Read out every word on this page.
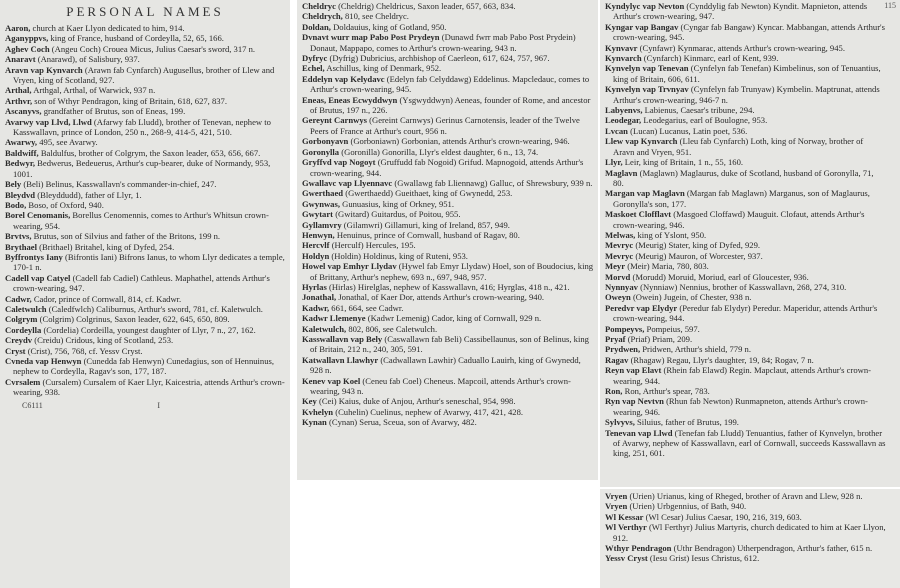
PERSONAL NAMES

Aaron, church at Kaer Llyon dedicated to him, 914.

Aganyppvs, king of France, husband of Cordeylla, 52, 65, 166.

Aghev Coch (Angeu Coch) Crouea Micus, Julius Caesar's sword, 317 n.

Anaravt (Anarawd), of Salisbury, 937.

Aravn vap Kynvarch (Arawn fab Cynfarch) Augusellus, brother of Llew and Vryen, king of Scotland, 927.

Arthal, Arthgal, Arthal, of Warwick, 937 n.

Arthvr, son of Wthyr Pendragon, king of Britain, 618, 627, 837.

Ascanyvs, grandfather of Brutus, son of Eneas, 199.

Avarwy vap Llvd, Llwd (Afarwy fab Lludd), brother of Tenevan, nephew to Kasswallavn, prince of London, 250 n., 268-9, 414-5, 421, 510.

Awarwy, 495, see Avarwy.

Baldwiff, Baldulfus, brother of Colgrym, the Saxon leader, 653, 656, 667.

Bedwyr, Bedwerus, Bedeuerus, Arthur's cup-bearer, duke of Normandy, 953, 1001.

Bely (Beli) Belinus, Kasswallavn's commander-in-chief, 247.

Bleydvd (Bleyddudd), father of Llyr, 1.

Bodo, Boso, of Oxford, 940.

Borel Cenomanis, Borellus Cenomennis, comes to Arthur's Whitsun crown-wearing, 954.

Brvtvs, Brutus, son of Silvius and father of the Britons, 199 n.

Brythael (Brithael) Britahel, king of Dyfed, 254.

Byffrontys Iany (Bifrontis Iani) Bifrons Ianus, to whom Llyr dedicates a temple, 170-1 n.

Cadell vap Catyel (Cadell fab Cadiel) Cathleus. Maphathel, attends Arthur's crown-wearing, 947.

Cadwr, Cador, prince of Cornwall, 814, cf. Kadwr.

Caletwulch (Caledfwlch) Caliburnus, Arthur's sword, 781, cf. Kaletwulch.

Colgrym (Colgrim) Colgrinus, Saxon leader, 622, 645, 650, 809.

Cordeylla (Cordelia) Cordeilla, youngest daughter of Llyr, 7 n., 27, 162.

Creydv (Creidu) Cridous, king of Scotland, 253.

Cryst (Crist), 756, 768, cf. Yessv Cryst.

Cvneda vap Henwyn (Cunedda fab Henwyn) Cunedagius, son of Hennuinus, nephew to Cordeylla, Ragav's son, 177, 187.

Cvrsalem (Cursalem) Cursalem of Kaer Llyr, Kaicestria, attends Arthur's crown-wearing, 938.

C6111	I

Cheldryc (Cheldrig) Cheldricus, Saxon leader, 657, 663, 834.

Cheldrych, 810, see Cheldryc.

Doldan, Doldauius, king of Gotland, 950.

Dvnavt wurr map Pabo Post Prydeyn (Dunawd fwrr mab Pabo Post Prydein) Donaut, Mappapo, comes to Arthur's crown-wearing, 943 n.

Dyfryc (Dyfrig) Dubricius, archbishop of Caerleon, 617, 624, 757, 967.

Echel, Aschillus, king of Denmark, 952.

Eddelyn vap Kelydavc (Edelyn fab Celyddawg) Eddelinus. Mapcledauc, comes to Arthur's crown-wearing, 945.

Eneas, Eneas Ecwyddwyn (Ysgwyddwyn) Aeneas, founder of Rome, and ancestor of Brutus, 197 n., 226.

Gereynt Carnwys (Gereint Carnwys) Gerinus Carnotensis, leader of the Twelve Peers of France at Arthur's court, 956 n.

Gorbonyavn (Gorboniawn) Gorbonian, attends Arthur's crown-wearing, 946.

Goronylla (Goronilla) Gonorilla, Llyr's eldest daughter, 6 n., 13, 74.

Gryffvd vap Nogoyt (Gruffudd fab Nogoid) Grifud. Mapnogoid, attends Arthur's crown-wearing, 944.

Gwallavc vap Llyennavc (Gwallawg fab Lliennawg) Galluc, of Shrewsbury, 939 n.

Gwerthaed (Gwerthaedd) Gueithaet, king of Gwynedd, 253.

Gwynwas, Gunuasius, king of Orkney, 951.

Gwytart (Gwitard) Guitardus, of Poitou, 955.

Gyllamvry (Gilamwri) Gillamuri, king of Ireland, 857, 949.

Henwyn, Henuinus, prince of Cornwall, husband of Ragav, 80.

Hercvlf (Herculf) Hercules, 195.

Holdyn (Holdin) Holdinus, king of Ruteni, 953.

Howel vap Emhyr Llydav (Hywel fab Emyr Llydaw) Hoel, son of Boudocius, king of Brittany, Arthur's nephew, 693 n., 697, 948, 957.

Hyrlas (Hirlas) Hirelglas, nephew of Kasswallavn, 416; Hyrglas, 418 n., 421.

Jonathal, Jonathal, of Kaer Dor, attends Arthur's crown-wearing, 940.

Kadwr, 661, 664, see Cadwr.

Kadwr Llemenye (Kadwr Lemenig) Cador, king of Cornwall, 929 n.

Kaletwulch, 802, 806, see Caletwulch.

Kasswallavn vap Bely (Caswallawn fab Beli) Cassibellaunus, son of Belinus, king of Britain, 212 n., 240, 305, 591.

Katwallavn Llawhyr (Cadwallawn Lawhir) Caduallo Lauirh, king of Gwynedd, 928 n.

Kenev vap Koel (Ceneu fab Coel) Cheneus. Mapcoil, attends Arthur's crown-wearing, 943 n.

Key (Cei) Kaius, duke of Anjou, Arthur's seneschal, 954, 998.

Kvhelyn (Cuhelin) Cuelinus, nephew of Avarwy, 417, 421, 428.

Kynan (Cynan) Serua, Sceua, son of Avarwy, 482.

115

Kyndylyc vap Nevton (Cynddylig fab Newton) Kyndit. Mapnieton, attends Arthur's crown-wearing, 947.

Kyngar vap Bangav (Cyngar fab Bangaw) Kyncar. Mabbangan, attends Arthur's crown-wearing, 945.

Kynvavr (Cynfawr) Kynmarac, attends Arthur's crown-wearing, 945.

Kynvarch (Cynfarch) Kinmarc, earl of Kent, 939.

Kynvelyn vap Tenevan (Cynfelyn fab Tenefan) Kimbelinus, son of Tenuantius, king of Britain, 606, 611.

Kynvelyn vap Trvnyav (Cynfelyn fab Trunyaw) Kymbelin. Maptrunat, attends Arthur's crown-wearing, 946-7 n.

Labyenvs, Labienus, Caesar's tribune, 294.

Leodegar, Leodegarius, earl of Boulogne, 953.

Lvcan (Lucan) Lucanus, Latin poet, 536.

Llew vap Kynvarch (Lleu fab Cynfarch) Loth, king of Norway, brother of Aravn and Vryen, 951.

Llyr, Leir, king of Britain, 1 n., 55, 160.

Maglavn (Maglawn) Maglaurus, duke of Scotland, husband of Goronylla, 71, 80.

Margan vap Maglavn (Margan fab Maglawn) Marganus, son of Maglaurus, Goronylla's son, 177.

Maskoet Clofflavt (Masgoed Cloffawd) Mauguit. Clofaut, attends Arthur's crown-wearing, 946.

Melwas, king of Yslont, 950.

Mevryc (Meurig) Stater, king of Dyfed, 929.

Mevryc (Meurig) Mauron, of Worcester, 937.

Meyr (Meir) Maria, 780, 803.

Morvd (Morudd) Moruid, Moriud, earl of Gloucester, 936.

Nynnyav (Nynniaw) Nennius, brother of Kasswallavn, 268, 274, 310.

Oweyn (Owein) Jugein, of Chester, 938 n.

Peredvr vap Elydyr (Peredur fab Elydyr) Peredur. Maperidur, attends Arthur's crown-wearing, 944.

Pompeyvs, Pompeius, 597.

Pryaf (Priaf) Priam, 209.

Prydwen, Pridwen, Arthur's shield, 779 n.

Ragav (Rhagaw) Regau, Llyr's daughter, 19, 84; Rogav, 7 n.

Reyn vap Elavt (Rhein fab Elawd) Regin. Mapclaut, attends Arthur's crown-wearing, 944.

Ron, Ron, Arthur's spear, 783.

Ryn vap Nevtvn (Rhun fab Newton) Runmapneton, attends Arthur's crown-wearing, 946.

Sylvyvs, Siluius, father of Brutus, 199.

Tenevan vap Llwd (Tenefan fab Lludd) Tenuantius, father of Kynvelyn, brother of Avarwy, nephew of Kasswallavn, earl of Cornwall, succeeds Kasswallavn as king, 251, 601.

Vryen (Urien) Urianus, king of Rheged, brother of Aravn and Llew, 928 n.

Vryen (Urien) Urbgennius, of Bath, 940.

Wl Kessar (Wl Cesar) Julius Caesar, 190, 216, 319, 603.

Wl Verthyr (Wl Ferthyr) Julius Martyris, church dedicated to him at Kaer Llyon, 912.

Wthyr Pendragon (Uthr Bendragon) Utherpendragon, Arthur's father, 615 n.

Yessv Cryst (Iesu Grist) Iesus Christus, 612.
